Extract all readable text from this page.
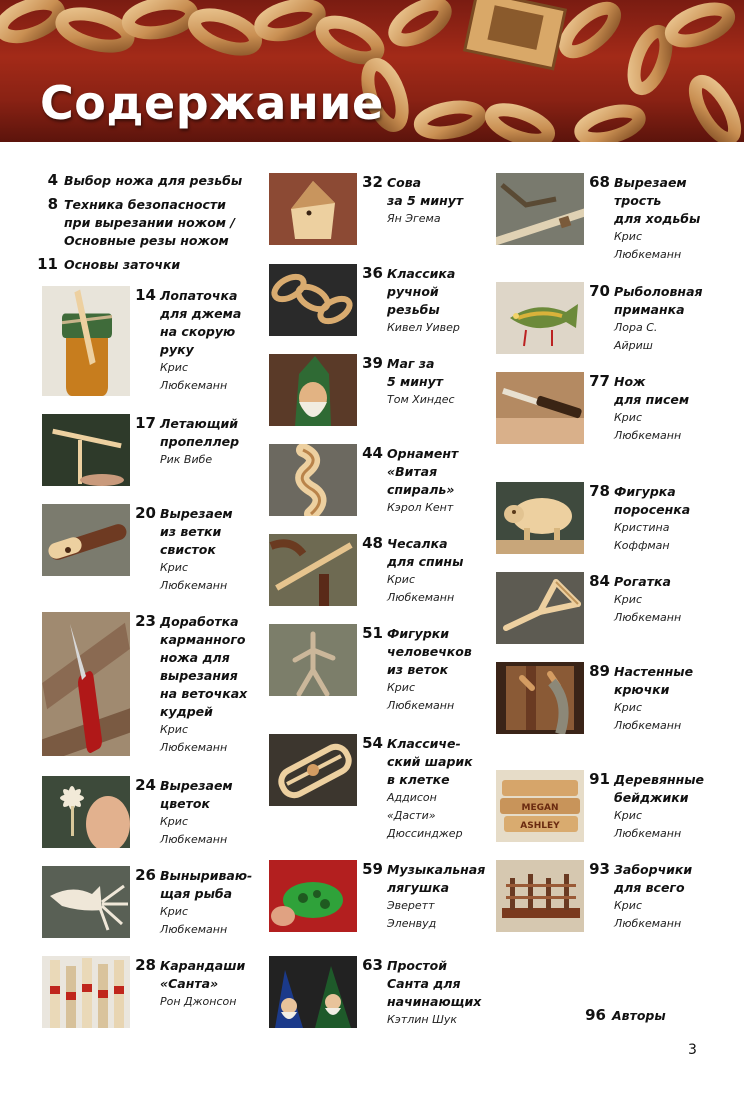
Содержание
4 Выбор ножа для резьбы
8 Техника безопасности
при вырезании ножом /
Основные резы ножом
11 Основы заточки
14 Лопаточка
для джема
на скорую
руку
Крис
Любкеманн
17 Летающий
пропеллер
Рик Вибе
20 Вырезаем
из ветки
свисток
Крис
Любкеманн
23 Доработка
карманного
ножа для
вырезания
на веточках
кудрей
Крис
Любкеманн
24 Вырезаем
цветок
Крис
Любкеманн
26 Выныриваю-
щая рыба
Крис
Любкеманн
28 Карандаши
«Санта»
Рон Джонсон
32 Сова
за 5 минут
Ян Эгема
36 Классика
ручной
резьбы
Кивел Уивер
39 Маг за
5 минут
Том Хиндес
44 Орнамент
«Витая
спираль»
Кэрол Кент
48 Чесалка
для спины
Крис
Любкеманн
51 Фигурки
человечков
из веток
Крис
Любкеманн
54 Классиче-
ский шарик
в клетке
Аддисон
«Дасти»
Дюссинджер
59 Музыкальная
лягушка
Эверетт
Эленвуд
63 Простой
Санта для
начинающих
Кэтлин Шук
68 Вырезаем
трость
для ходьбы
Крис
Любкеманн
70 Рыболовная
приманка
Лора С.
Айриш
77 Нож
для писем
Крис
Любкеманн
78 Фигурка
поросенка
Кристина
Коффман
84 Рогатка
Крис
Любкеманн
89 Настенные
крючки
Крис
Любкеманн
MEGAN
ASHLEY
91 Деревянные
бейджики
Крис
Любкеманн
93 Заборчики
для всего
Крис
Любкеманн
96 Авторы
3
